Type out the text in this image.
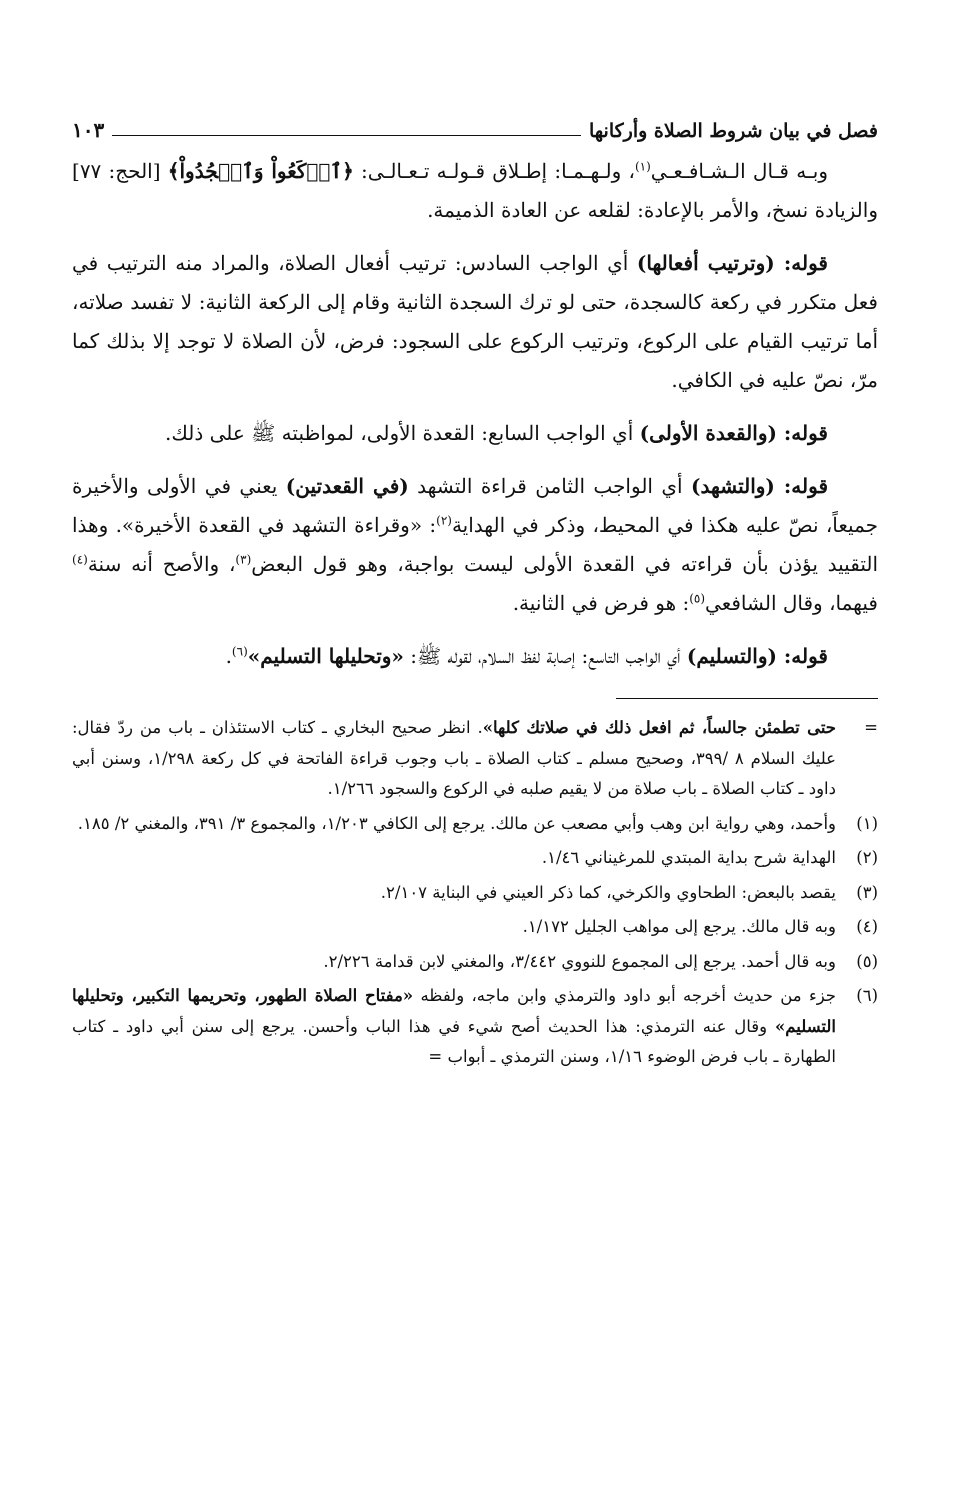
فصل في بيان شروط الصلاة وأركانها
١٠٣

وبـه قـال الـشـافـعـي$^{(١)}$، ولـهـمـا: إطـلاق قـولـه تـعـالـى: ﴿ٱرۡكَعُواْ وَٱسۡجُدُواْ﴾ [الحج: ٧٧] والزيادة نسخ، والأمر بالإعادة: لقلعه عن العادة الذميمة.

قوله: (وترتيب أفعالها) أي الواجب السادس: ترتيب أفعال الصلاة، والمراد منه الترتيب في فعل متكرر في ركعة كالسجدة، حتى لو ترك السجدة الثانية وقام إلى الركعة الثانية: لا تفسد صلاته، أما ترتيب القيام على الركوع، وترتيب الركوع على السجود: فرض، لأن الصلاة لا توجد إلا بذلك كما مرّ، نصّ عليه في الكافي.

قوله: (والقعدة الأولى) أي الواجب السابع: القعدة الأولى، لمواظبته ﷺ على ذلك.

قوله: (والتشهد) أي الواجب الثامن قراءة التشهد (في القعدتين) يعني في الأولى والأخيرة جميعاً، نصّ عليه هكذا في المحيط، وذكر في الهداية$^{(٢)}$: «وقراءة التشهد في القعدة الأخيرة». وهذا التقييد يؤذن بأن قراءته في القعدة الأولى ليست بواجبة، وهو قول البعض$^{(٣)}$، والأصح أنه سنة$^{(٤)}$ فيهما، وقال الشافعي$^{(٥)}$: هو فرض في الثانية.

قوله: (والتسليم) أي الواجب التاسع: إصابة لفظ السلام، لقوله ﷺ: «وتحليلها التسليم»$^{(٦)}$.

=
حتى تطمئن جالساً، ثم افعل ذلك في صلاتك كلها». انظر صحيح البخاري ـ كتاب الاستئذان ـ باب من ردّ فقال: عليك السلام ٨ /٣٩٩، وصحيح مسلم ـ كتاب الصلاة ـ باب وجوب قراءة الفاتحة في كل ركعة ١/٢٩٨، وسنن أبي داود ـ كتاب الصلاة ـ باب صلاة من لا يقيم صلبه في الركوع والسجود ١/٢٦٦.
(١)
وأحمد، وهي رواية ابن وهب وأبي مصعب عن مالك. يرجع إلى الكافي ١/٢٠٣، والمجموع ٣/ ٣٩١، والمغني ٢/ ١٨٥.
(٢)
الهداية شرح بداية المبتدي للمرغيناني ١/٤٦.
(٣)
يقصد بالبعض: الطحاوي والكرخي، كما ذكر العيني في البناية ٢/١٠٧.
(٤)
وبه قال مالك. يرجع إلى مواهب الجليل ١/١٧٢.
(٥)
وبه قال أحمد. يرجع إلى المجموع للنووي ٣/٤٤٢، والمغني لابن قدامة ٢/٢٢٦.
(٦)
جزء من حديث أخرجه أبو داود والترمذي وابن ماجه، ولفظه «مفتاح الصلاة الطهور، وتحريمها التكبير، وتحليلها التسليم» وقال عنه الترمذي: هذا الحديث أصح شيء في هذا الباب وأحسن. يرجع إلى سنن أبي داود ـ كتاب الطهارة ـ باب فرض الوضوء ١/١٦، وسنن الترمذي ـ أبواب =
